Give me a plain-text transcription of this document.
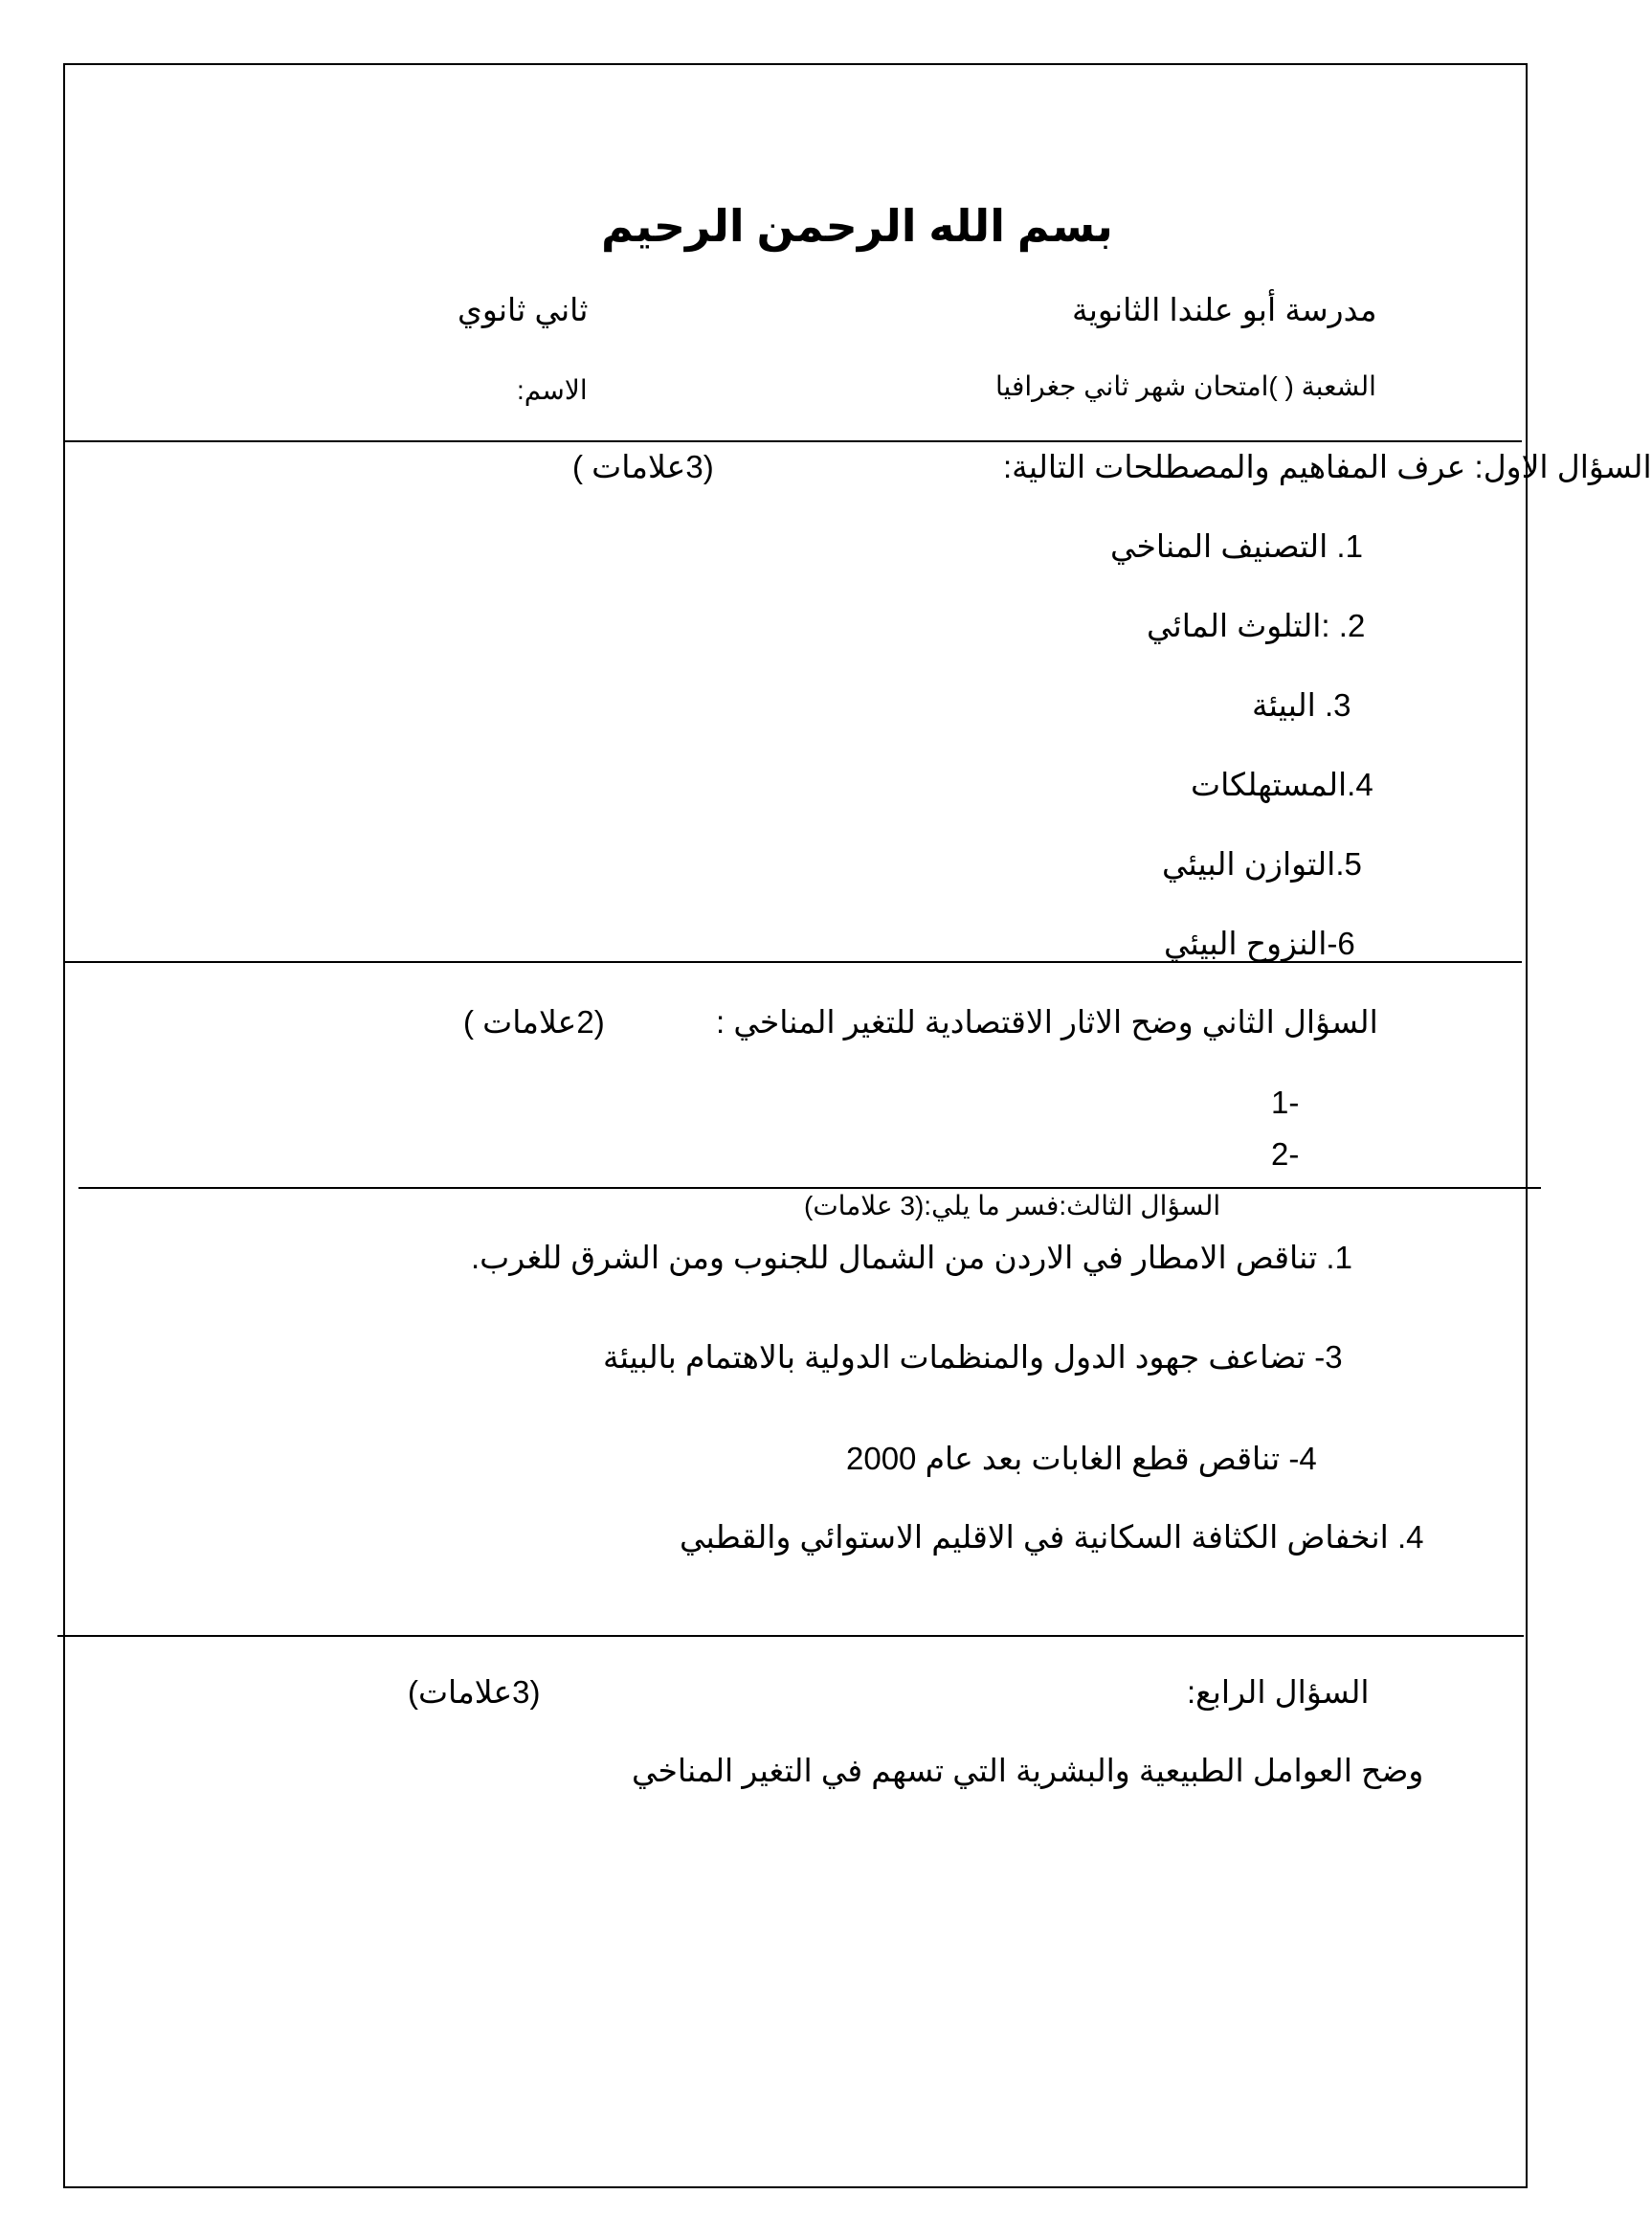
بسم الله الرحمن الرحيم
مدرسة أبو علندا الثانوية
ثاني ثانوي
الشعبة ( )امتحان شهر ثاني جغرافيا
الاسم:
السؤال الاول: عرف المفاهيم والمصطلحات التالية:
(3علامات )
1. التصنيف المناخي
2. :التلوث المائي
3. البيئة
4.المستهلكات
5.التوازن البيئي
6-النزوح البيئي
السؤال الثاني وضح الاثار الاقتصادية للتغير المناخي :
(2علامات )
1-
2-
السؤال الثالث:فسر ما يلي:(3 علامات)
1. تناقص الامطار في الاردن من الشمال للجنوب ومن الشرق للغرب.
3- تضاعف جهود الدول والمنظمات الدولية بالاهتمام بالبيئة
4- تناقص قطع الغابات بعد عام 2000
4. انخفاض الكثافة السكانية في الاقليم الاستوائي والقطبي
السؤال الرابع:
(3علامات)
وضح العوامل الطبيعية والبشرية التي تسهم في التغير المناخي
